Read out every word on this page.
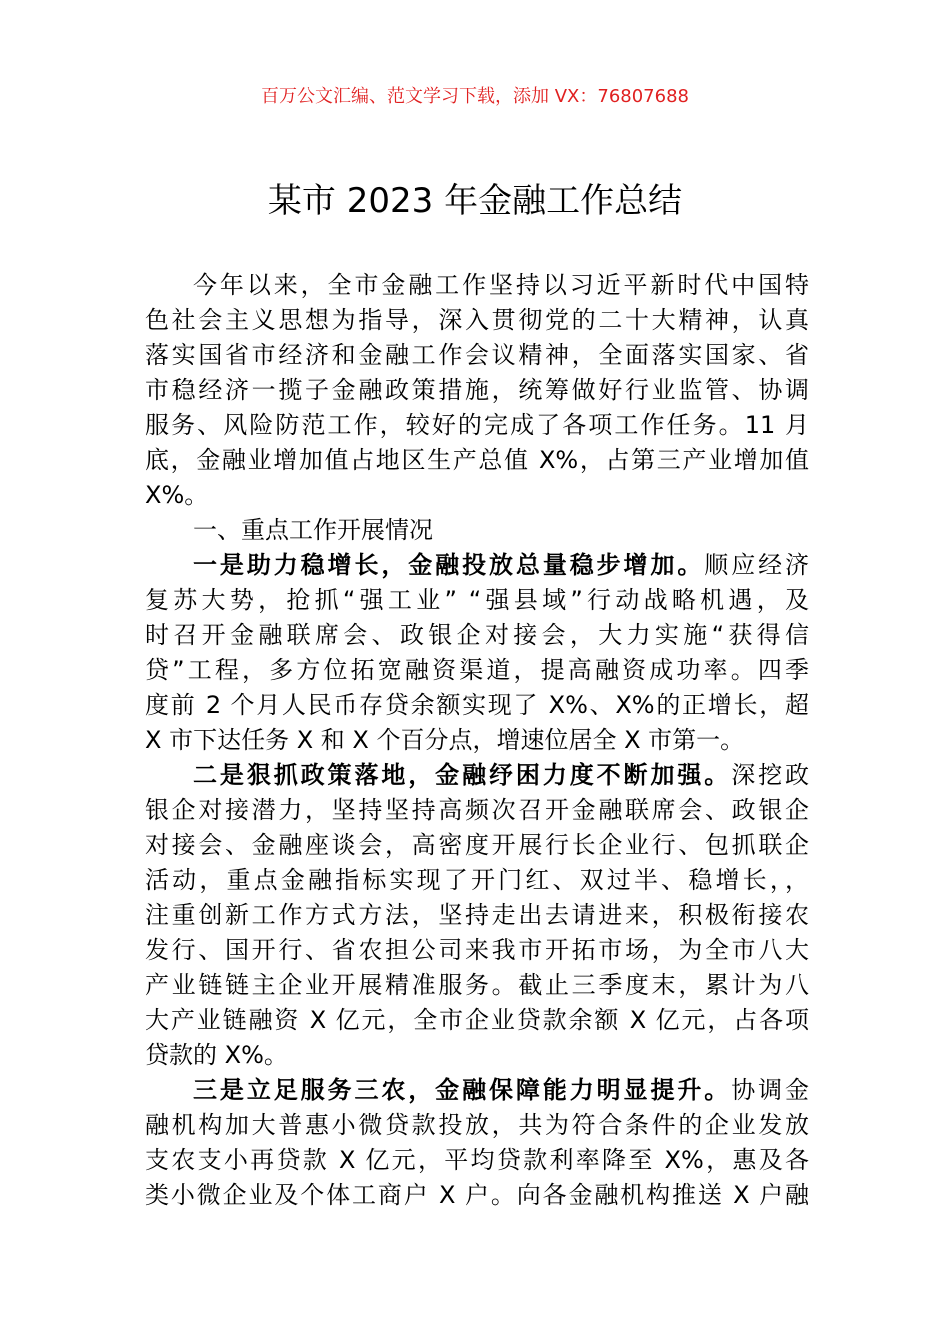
百万公文汇编、范文学习下载，添加 VX：76807688
某市 2023 年金融工作总结
今年以来，全市金融工作坚持以习近平新时代中国特
色社会主义思想为指导，深入贯彻党的二十大精神，认真
落实国省市经济和金融工作会议精神，全面落实国家、省
市稳经济一揽子金融政策措施，统筹做好行业监管、协调
服务、风险防范工作，较好的完成了各项工作任务。11 月
底，金融业增加值占地区生产总值 X%，占第三产业增加值
X%。
一、重点工作开展情况
一是助力稳增长，金融投放总量稳步增加。顺应经济
复苏大势，抢抓“强工业” “强县域”行动战略机遇，及
时召开金融联席会、政银企对接会，大力实施“获得信
贷”工程，多方位拓宽融资渠道，提高融资成功率。四季
度前 2 个月人民币存贷余额实现了 X%、X%的正增长，超
X 市下达任务 X 和 X 个百分点，增速位居全 X 市第一。
二是狠抓政策落地，金融纾困力度不断加强。深挖政
银企对接潜力，坚持坚持高频次召开金融联席会、政银企
对接会、金融座谈会，高密度开展行长企业行、包抓联企
活动，重点金融指标实现了开门红、双过半、稳增长，，
注重创新工作方式方法，坚持走出去请进来，积极衔接农
发行、国开行、省农担公司来我市开拓市场，为全市八大
产业链链主企业开展精准服务。截止三季度末，累计为八
大产业链融资 X 亿元，全市企业贷款余额 X 亿元，占各项
贷款的 X%。
三是立足服务三农，金融保障能力明显提升。协调金
融机构加大普惠小微贷款投放，共为符合条件的企业发放
支农支小再贷款 X 亿元，平均贷款利率降至 X%，惠及各
类小微企业及个体工商户 X 户。向各金融机构推送 X 户融
